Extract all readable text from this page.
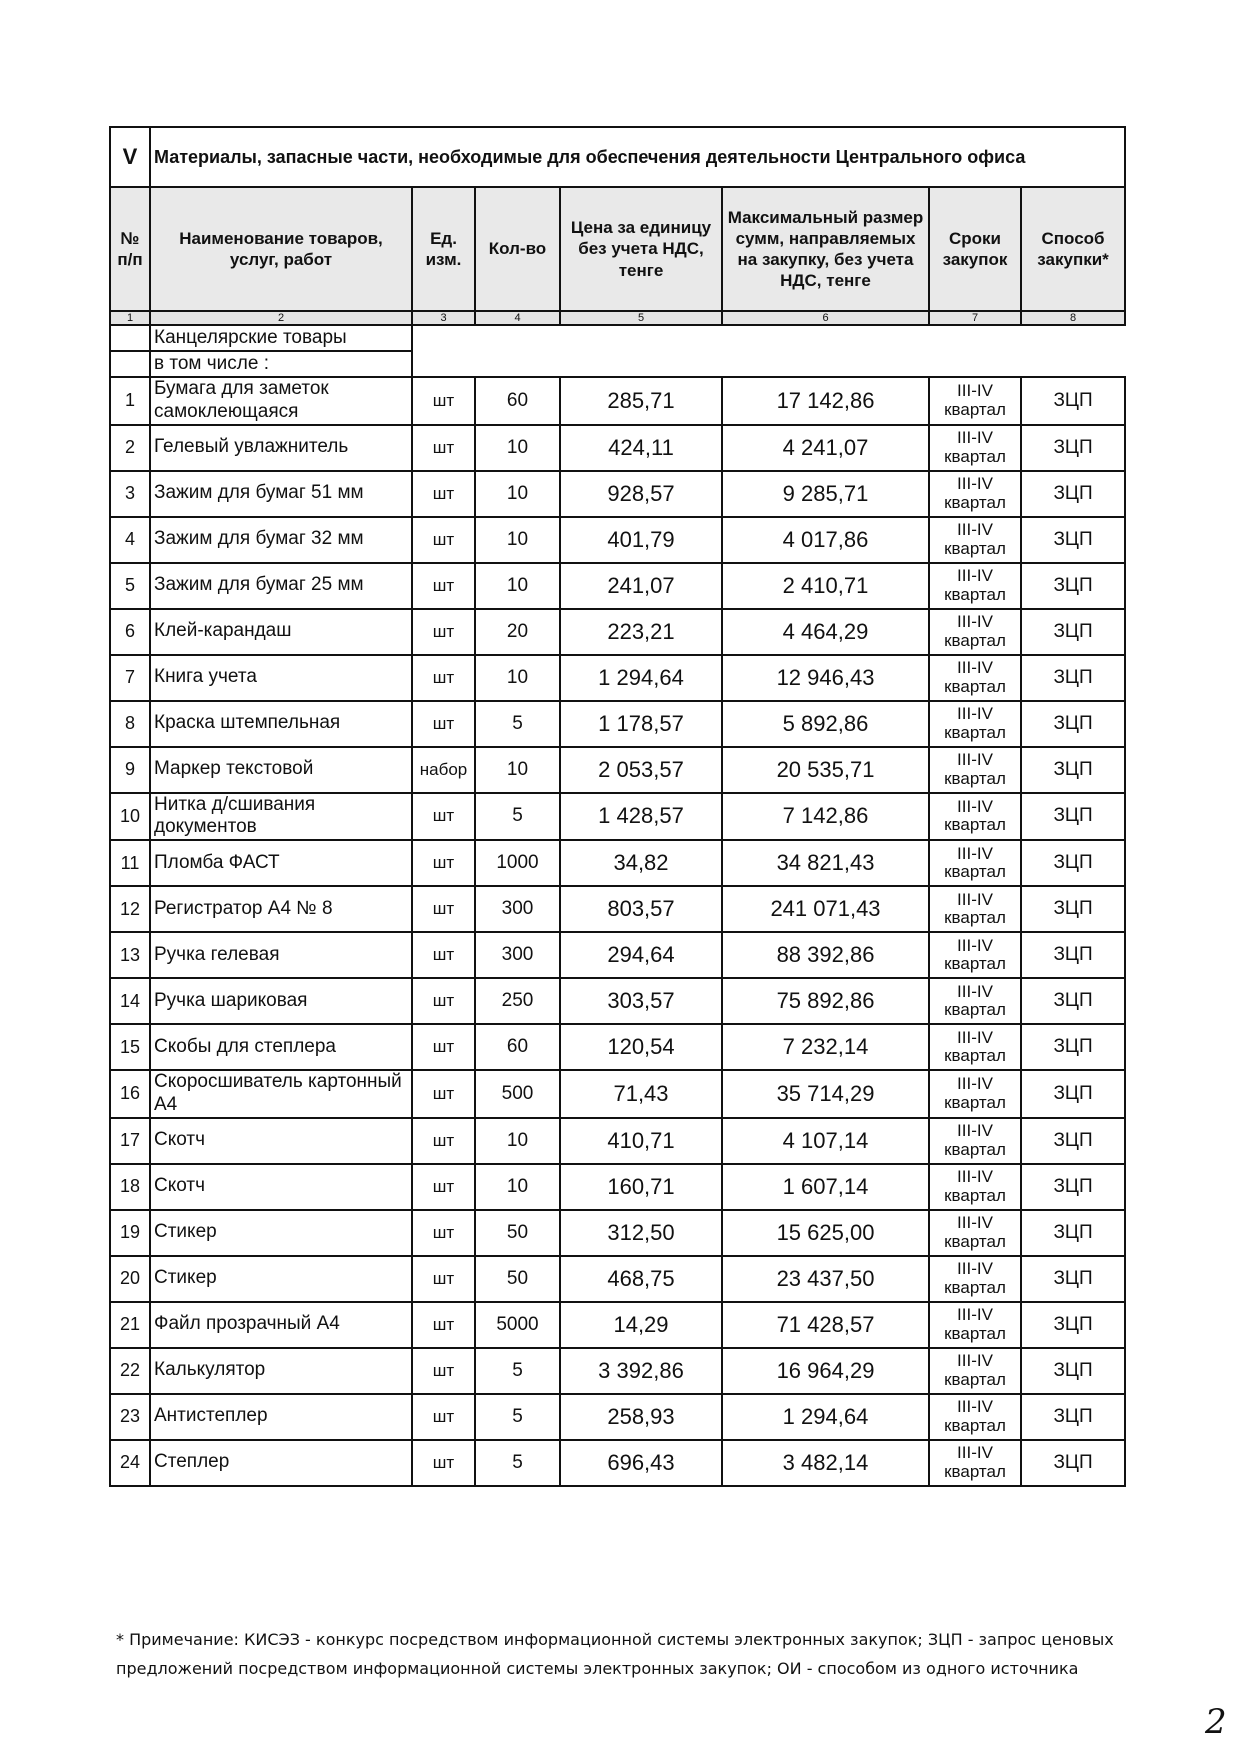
V	Материалы, запасные части, необходимые для обеспечения деятельности Центрального офиса						
№ п/п	Наименование товаров, услуг, работ	Ед. изм.	Кол-во	Цена за единицу без учета НДС, тенге	Максимальный размер сумм, направляемых на закупку, без учета НДС, тенге	Сроки закупок	Способ закупки*
1	2	3	4	5	6	7	8
	Канцелярские товары						
	в том числе :						
1	Бумага для заметок самоклеющаяся	шт	60	285,71	17 142,86	III-IV квартал	ЗЦП
2	Гелевый увлажнитель	шт	10	424,11	4 241,07	III-IV квартал	ЗЦП
3	Зажим для бумаг 51 мм	шт	10	928,57	9 285,71	III-IV квартал	ЗЦП
4	Зажим для бумаг 32 мм	шт	10	401,79	4 017,86	III-IV квартал	ЗЦП
5	Зажим для бумаг 25 мм	шт	10	241,07	2 410,71	III-IV квартал	ЗЦП
6	Клей-карандаш	шт	20	223,21	4 464,29	III-IV квартал	ЗЦП
7	Книга учета	шт	10	1 294,64	12 946,43	III-IV квартал	ЗЦП
8	Краска штемпельная	шт	5	1 178,57	5 892,86	III-IV квартал	ЗЦП
9	Маркер текстовой	набор	10	2 053,57	20 535,71	III-IV квартал	ЗЦП
10	Нитка д/сшивания документов	шт	5	1 428,57	7 142,86	III-IV квартал	ЗЦП
11	Пломба ФАСТ	шт	1000	34,82	34 821,43	III-IV квартал	ЗЦП
12	Регистратор А4 № 8	шт	300	803,57	241 071,43	III-IV квартал	ЗЦП
13	Ручка гелевая	шт	300	294,64	88 392,86	III-IV квартал	ЗЦП
14	Ручка шариковая	шт	250	303,57	75 892,86	III-IV квартал	ЗЦП
15	Скобы для степлера	шт	60	120,54	7 232,14	III-IV квартал	ЗЦП
16	Скоросшиватель картонный А4	шт	500	71,43	35 714,29	III-IV квартал	ЗЦП
17	Скотч	шт	10	410,71	4 107,14	III-IV квартал	ЗЦП
18	Скотч	шт	10	160,71	1 607,14	III-IV квартал	ЗЦП
19	Стикер	шт	50	312,50	15 625,00	III-IV квартал	ЗЦП
20	Стикер	шт	50	468,75	23 437,50	III-IV квартал	ЗЦП
21	Файл прозрачный А4	шт	5000	14,29	71 428,57	III-IV квартал	ЗЦП
22	Калькулятор	шт	5	3 392,86	16 964,29	III-IV квартал	ЗЦП
23	Антистеплер	шт	5	258,93	1 294,64	III-IV квартал	ЗЦП
24	Степлер	шт	5	696,43	3 482,14	III-IV квартал	ЗЦП
* Примечание: КИСЭЗ - конкурс посредством информационной системы электронных закупок; ЗЦП - запрос ценовых предложений посредством информационной системы электронных закупок; ОИ - способом из одного источника
2
